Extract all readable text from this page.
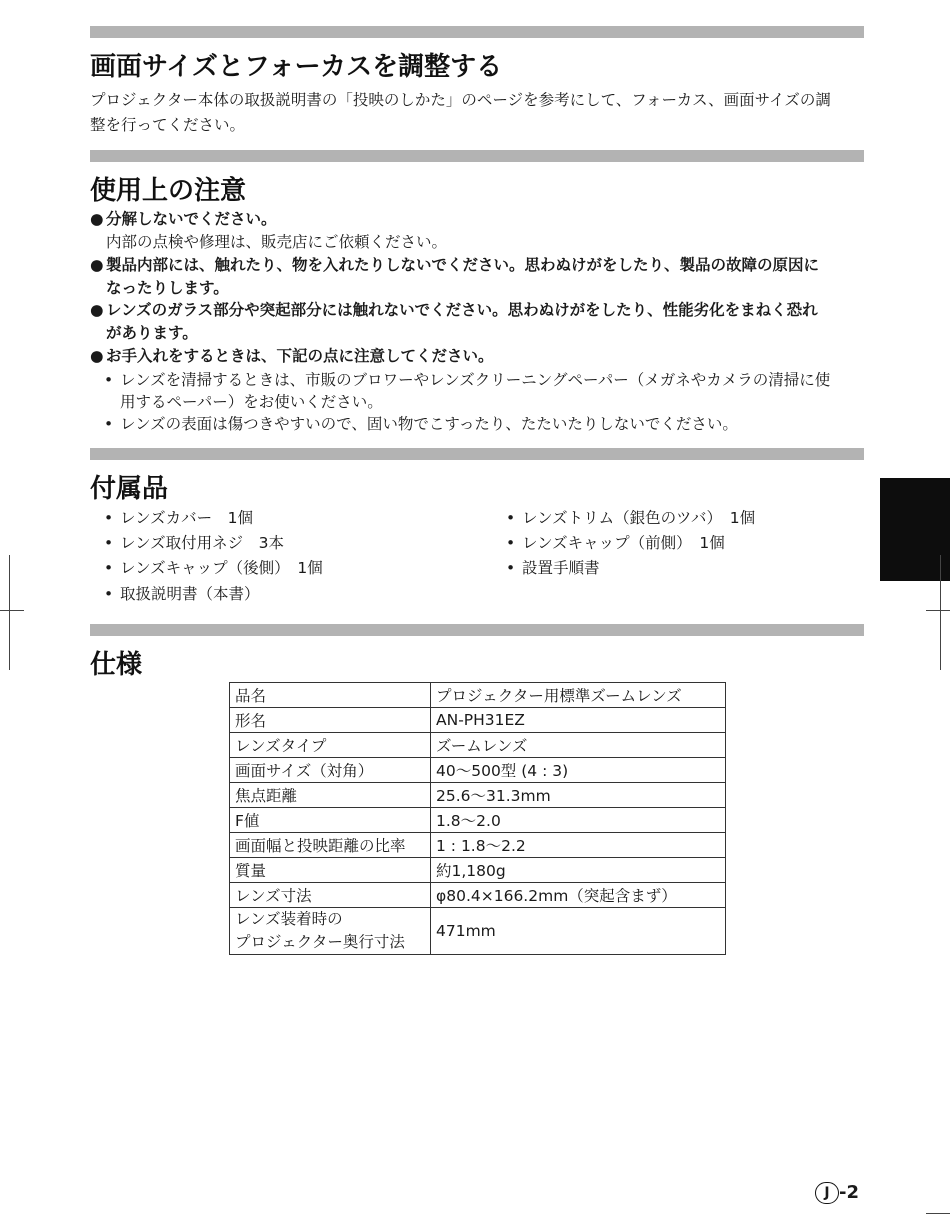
画面サイズとフォーカスを調整する
プロジェクター本体の取扱説明書の「投映のしかた」のページを参考にして、フォーカス、画面サイズの調
整を行ってください。
使用上の注意
● 分解しないでください。
内部の点検や修理は、販売店にご依頼ください。
● 製品内部には、触れたり、物を入れたりしないでください。思わぬけがをしたり、製品の故障の原因に
なったりします。
● レンズのガラス部分や突起部分には触れないでください。思わぬけがをしたり、性能劣化をまねく恐れ
があります。
● お手入れをするときは、下記の点に注意してください。
• レンズを清掃するときは、市販のブロワーやレンズクリーニングペーパー（メガネやカメラの清掃に使
用するペーパー）をお使いください。
• レンズの表面は傷つきやすいので、固い物でこすったり、たたいたりしないでください。
付属品
• レンズカバー　1個
• レンズ取付用ネジ　3本
• レンズキャップ（後側）　1個
• 取扱説明書（本書）
• レンズトリム（銀色のツバ）　1個
• レンズキャップ（前側）　1個
• 設置手順書
仕様
品名	プロジェクター用標準ズームレンズ
形名	AN-PH31EZ
レンズタイプ	ズームレンズ
画面サイズ（対角）	40〜500型 (4 : 3)
焦点距離	25.6〜31.3mm
F値	1.8〜2.0
画面幅と投映距離の比率	1 : 1.8〜2.2
質量	約1,180g
レンズ寸法	φ80.4×166.2mm（突起含まず）

レンズ装着時の
プロジェクター奥行寸法	471mm
J -2
